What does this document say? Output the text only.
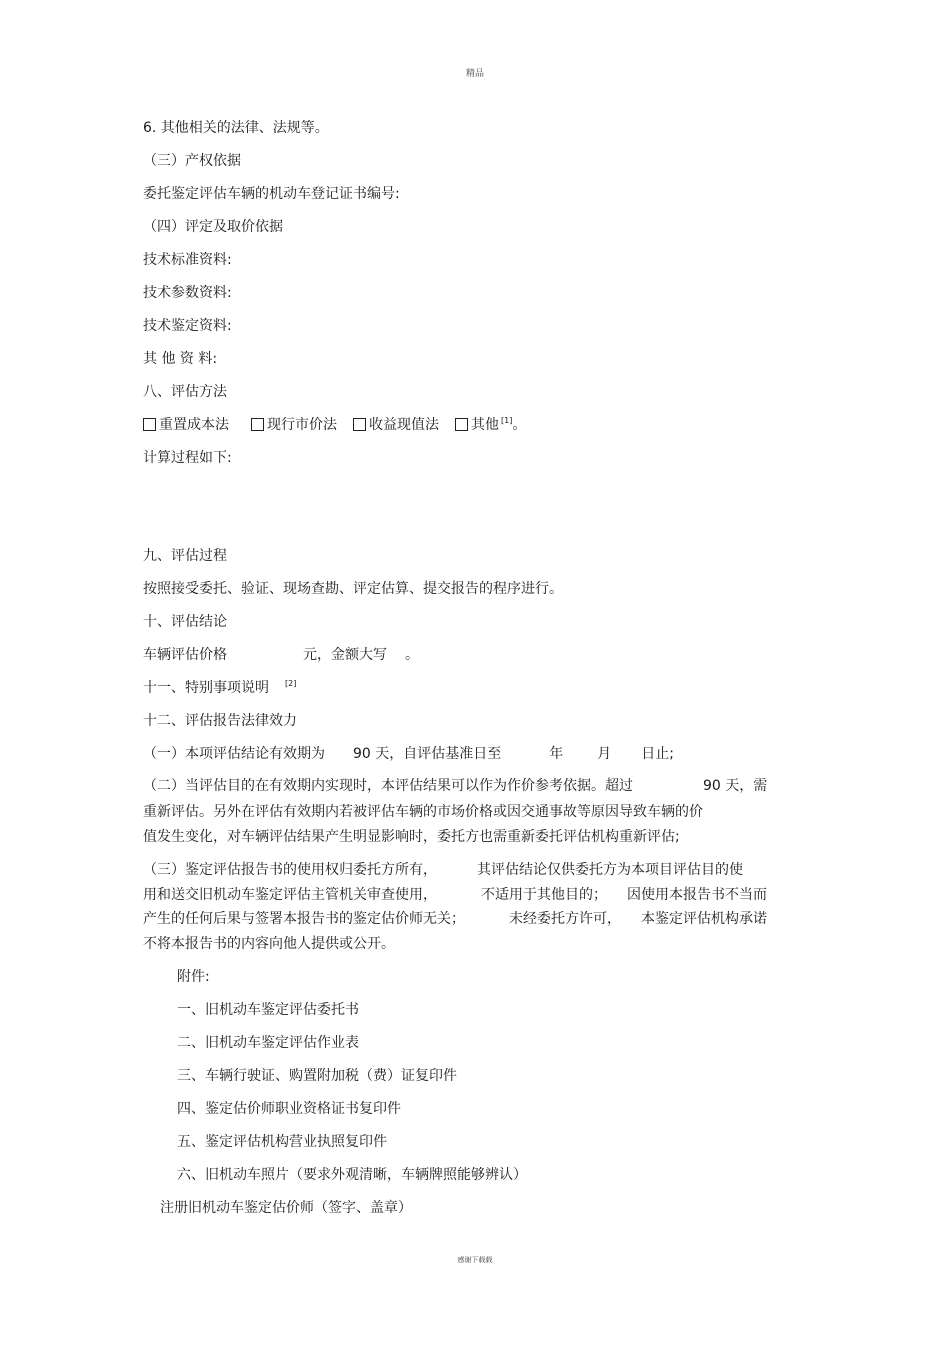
精品
6. 其他相关的法律、法规等。
（三）产权依据
委托鉴定评估车辆的机动车登记证书编号:
（四）评定及取价依据
技术标准资料:
技术参数资料:
技术鉴定资料:
其 他 资 料:
八、评估方法
重置成本法	现行市价法 收益现值法 其他 [1]。
计算过程如下:
九、评估过程
按照接受委托、验证、现场查勘、评定估算、提交报告的程序进行。
十、评估结论
车辆评估价格	元，金额大写 。
十一、特别事项说明 [2]
十二、评估报告法律效力
（一）本项评估结论有效期为 90 天，自评估基准日至	年 月 日止;
（二）当评估目的在有效期内实现时，本评估结果可以作为作价参考依据。超过	90 天，需
重新评估。另外在评估有效期内若被评估车辆的市场价格或因交通事故等原因导致车辆的价
值发生变化，对车辆评估结果产生明显影响时，委托方也需重新委托评估机构重新评估;
（三）鉴定评估报告书的使用权归委托方所有，	其评估结论仅供委托方为本项目评估目的使
用和送交旧机动车鉴定评估主管机关审查使用，	不适用于其他目的； 因使用本报告书不当而
产生的任何后果与签署本报告书的鉴定估价师无关；	未经委托方许可， 本鉴定评估机构承诺
不将本报告书的内容向他人提供或公开。
附件:
一、旧机动车鉴定评估委托书
二、旧机动车鉴定评估作业表
三、车辆行驶证、购置附加税（费）证复印件
四、鉴定估价师职业资格证书复印件
五、鉴定评估机构营业执照复印件
六、旧机动车照片（要求外观清晰，车辆牌照能够辨认）
注册旧机动车鉴定估价师（签字、盖章）
感谢下载载
